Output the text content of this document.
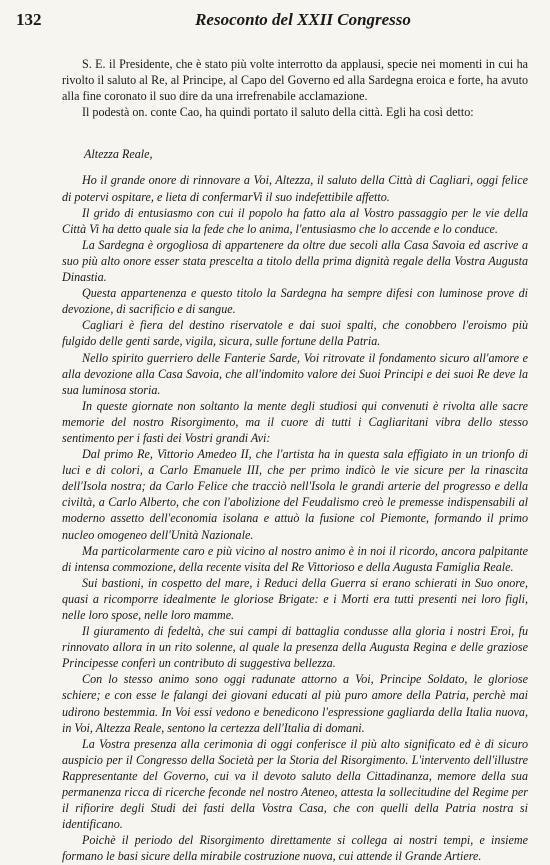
132	Resoconto del XXII Congresso

S. E. il Presidente, che è stato più volte interrotto da applausi, specie nei momenti in cui ha rivolto il saluto al Re, al Principe, al Capo del Governo ed alla Sardegna eroica e forte, ha avuto alla fine coronato il suo dire da una irrefrenabile acclamazione.

Il podestà on. conte Cao, ha quindi portato il saluto della città. Egli ha così detto:

Altezza Reale,

Ho il grande onore di rinnovare a Voi, Altezza, il saluto della Città di Cagliari, oggi felice di potervi ospitare, e lieta di confermarVi il suo indefettibile affetto.

Il grido di entusiasmo con cui il popolo ha fatto ala al Vostro passaggio per le vie della Città Vi ha detto quale sia la fede che lo anima, l'entusiasmo che lo accende e lo conduce.

La Sardegna è orgogliosa di appartenere da oltre due secoli alla Casa Savoia ed ascrive a suo più alto onore esser stata prescelta a titolo della prima dignità regale della Vostra Augusta Dinastia.

Questa appartenenza e questo titolo la Sardegna ha sempre difesi con luminose prove di devozione, di sacrificio e di sangue.

Cagliari è fiera del destino riservatole e dai suoi spalti, che conobbero l'eroismo più fulgido delle genti sarde, vigila, sicura, sulle fortune della Patria.

Nello spirito guerriero delle Fanterie Sarde, Voi ritrovate il fondamento sicuro all'amore e alla devozione alla Casa Savoia, che all'indomito valore dei Suoi Principi e dei suoi Re deve la sua luminosa storia.

In queste giornate non soltanto la mente degli studiosi qui convenuti è rivolta alle sacre memorie del nostro Risorgimento, ma il cuore di tutti i Cagliaritani vibra dello stesso sentimento per i fasti dei Vostri grandi Avi:

Dal primo Re, Vittorio Amedeo II, che l'artista ha in questa sala effigiato in un trionfo di luci e di colori, a Carlo Emanuele III, che per primo indicò le vie sicure per la rinascita dell'Isola nostra; da Carlo Felice che tracciò nell'Isola le grandi arterie del progresso e della civiltà, a Carlo Alberto, che con l'abolizione del Feudalismo creò le premesse indispensabili al moderno assetto dell'economia isolana e attuò la fusione col Piemonte, formando il primo nucleo omogeneo dell'Unità Nazionale.

Ma particolarmente caro e più vicino al nostro animo è in noi il ricordo, ancora palpitante di intensa commozione, della recente visita del Re Vittorioso e della Augusta Famiglia Reale.

Sui bastioni, in cospetto del mare, i Reduci della Guerra si erano schierati in Suo onore, quasi a ricomporre idealmente le gloriose Brigate: e i Morti era tutti presenti nei loro figli, nelle loro spose, nelle loro mamme.

Il giuramento di fedeltà, che sui campi di battaglia condusse alla gloria i nostri Eroi, fu rinnovato allora in un rito solenne, al quale la presenza della Augusta Regina e delle graziose Principesse conferì un contributo di suggestiva bellezza.

Con lo stesso animo sono oggi radunate attorno a Voi, Principe Soldato, le gloriose schiere; e con esse le falangi dei giovani educati al più puro amore della Patria, perchè mai udirono bestemmia. In Voi essi vedono e benedicono l'espressione gagliarda della Italia nuova, in Voi, Altezza Reale, sentono la certezza dell'Italia di domani.

La Vostra presenza alla cerimonia di oggi conferisce il più alto significato ed è di sicuro auspicio per il Congresso della Società per la Storia del Risorgimento. L'intervento dell'illustre Rappresentante del Governo, cui va il devoto saluto della Cittadinanza, memore della sua permanenza ricca di ricerche feconde nel nostro Ateneo, attesta la sollecitudine del Regime per il rifiorire degli Studi dei fasti della Vostra Casa, che con quelli della Patria nostra si identificano.

Poichè il periodo del Risorgimento direttamente si collega ai nostri tempi, e insieme formano le basi sicure della mirabile costruzione nuova, cui attende il Grande Artiere.
